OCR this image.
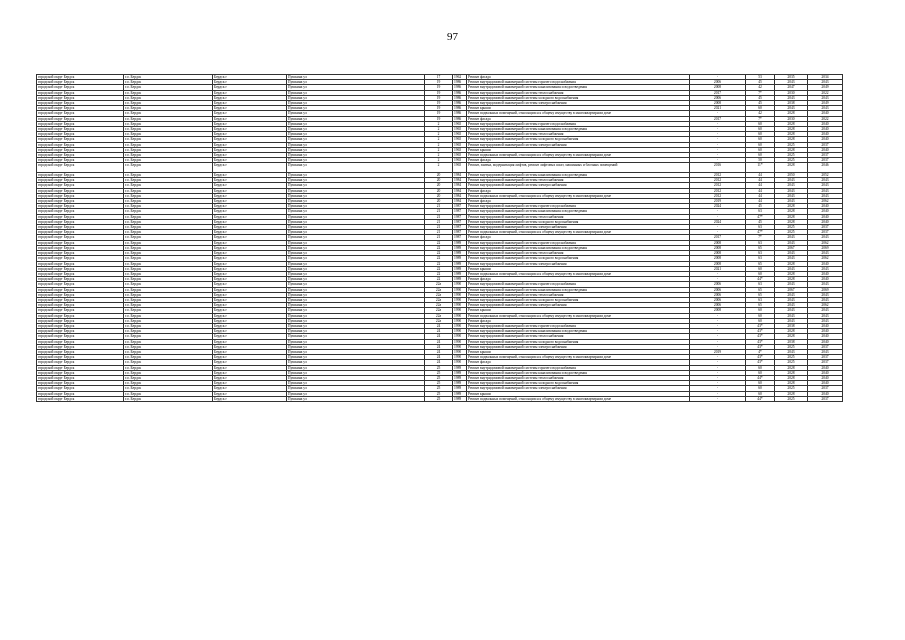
97
городской округ Бердск	г.о. Бердск	Бердск г	Пушкина ул	17	1962	Ремонт фасада	-	53	2035	2034
городской округ Бердск	г.о. Бердск	Бердск г	Пушкина ул	19	1986	Ремонт внутридомовой инженерной системы горячего водоснабжения	2006	45	2043	2043
городской округ Бердск	г.о. Бердск	Бердск г	Пушкина ул	19	1986	Ремонт внутридомовой инженерной системы канализования и водоотведения	2008	42	2047	2049
городской округ Бердск	г.о. Бердск	Бердск г	Пушкина ул	19	1986	Ремонт внутридомовой инженерной системы теплоснабжения	2017	7*	2030	2022
городской округ Бердск	г.о. Бердск	Бердск г	Пушкина ул	19	1986	Ремонт внутридомовой инженерной системы холодного водоснабжения	2006	45	2043	2043
городской округ Бердск	г.о. Бердск	Бердск г	Пушкина ул	19	1986	Ремонт внутридомовой инженерной системы электроснабжения	2008	45	2038	2049
городской округ Бердск	г.о. Бердск	Бердск г	Пушкина ул	19	1986	Ремонт крыши	2021	60	2043	2043
городской округ Бердск	г.о. Бердск	Бердск г	Пушкина ул	19	1986	Ремонт подвальных помещений, относящихся к общему имуществу в многоквартирном доме	-	42	2028	2040
городской округ Бердск	г.о. Бердск	Бердск г	Пушкина ул	19	1986	Ремонт фасада	2017	7*	2030	2022
городской округ Бердск	г.о. Бердск	Бердск г	Пушкина ул	2	1965	Ремонт внутридомовой инженерной системы горячего водоснабжения	-	60	2028	2040
городской округ Бердск	г.о. Бердск	Бердск г	Пушкина ул	2	1965	Ремонт внутридомовой инженерной системы канализования и водоотведения	-	60	2028	2040
городской округ Бердск	г.о. Бердск	Бердск г	Пушкина ул	2	1965	Ремонт внутридомовой инженерной системы теплоснабжения	-	60	2028	2040
городской округ Бердск	г.о. Бердск	Бердск г	Пушкина ул	2	1965	Ремонт внутридомовой инженерной системы холодного водоснабжения	-	60	2028	2040
городской округ Бердск	г.о. Бердск	Бердск г	Пушкина ул	2	1965	Ремонт внутридомовой инженерной системы электроснабжения	-	60	2025	2037
городской округ Бердск	г.о. Бердск	Бердск г	Пушкина ул	2	1965	Ремонт крыши	-	60	2028	2040
городской округ Бердск	г.о. Бердск	Бердск г	Пушкина ул	2	1965	Ремонт подвальных помещений, относящихся к общему имуществу в многоквартирном доме	-	60	2025	2037
городской округ Бердск	г.о. Бердск	Бердск г	Пушкина ул	2	1965	Ремонт фасада	-	50	2025	2037
городской округ Бердск	г.о. Бердск	Бердск г	Пушкина ул	2	1965	Ремонт, замена, модернизация лифтов, ремонт лифтовых шахт, машинных и блочных помещений	2016	11*	2028	2046
городской округ Бердск	г.о. Бердск	Бердск г	Пушкина ул	20	1984	Ремонт внутридомовой инженерной системы канализования и водоотведения	2012	44	2050	2052
городской округ Бердск	г.о. Бердск	Бердск г	Пушкина ул	20	1984	Ремонт внутридомовой инженерной системы теплоснабжения	2012	44	2043	2043
городской округ Бердск	г.о. Бердск	Бердск г	Пушкина ул	20	1984	Ремонт внутридомовой инженерной системы электроснабжения	2012	44	2043	2043
городской округ Бердск	г.о. Бердск	Бердск г	Пушкина ул	20	1984	Ремонт фасада	2012	44	2043	2043
городской округ Бердск	г.о. Бердск	Бердск г	Пушкина ул	20	1984	Ремонт подвальных помещений, относящихся к общему имуществу в многоквартирном доме	2012	44	2043	2043
городской округ Бердск	г.о. Бердск	Бердск г	Пушкина ул	20	1984	Ремонт фасада	2019	44	2043	2062
городской округ Бердск	г.о. Бердск	Бердск г	Пушкина ул	21	1987	Ремонт внутридомовой инженерной системы горячего водоснабжения	2024	45	2028	2040
городской округ Бердск	г.о. Бердск	Бердск г	Пушкина ул	21	1987	Ремонт внутридомовой инженерной системы канализования и водоотведения	-	63	2028	2040
городской округ Бердск	г.о. Бердск	Бердск г	Пушкина ул	21	1987	Ремонт внутридомовой инженерной системы теплоснабжения	-	47*	2028	2040
городской округ Бердск	г.о. Бердск	Бердск г	Пушкина ул	21	1987	Ремонт внутридомовой инженерной системы холодного водоснабжения	2024	45	2028	2040
городской округ Бердск	г.о. Бердск	Бердск г	Пушкина ул	21	1987	Ремонт внутридомовой инженерной системы электроснабжения	-	63	2025	2037
городской округ Бердск	г.о. Бердск	Бердск г	Пушкина ул	21	1987	Ремонт подвальных помещений, относящихся к общему имуществу в многоквартирном доме	-	47*	2025	2037
городской округ Бердск	г.о. Бердск	Бердск г	Пушкина ул	21	1987	Ремонт фасада	2017	7*	2043	2043
городской округ Бердск	г.о. Бердск	Бердск г	Пушкина ул	22	1989	Ремонт внутридомовой инженерной системы горячего водоснабжения	2008	63	2043	2062
городской округ Бердск	г.о. Бердск	Бердск г	Пушкина ул	22	1989	Ремонт внутридомовой инженерной системы канализования и водоотведения	2008	65	2067	2069
городской округ Бердск	г.о. Бердск	Бердск г	Пушкина ул	22	1989	Ремонт внутридомовой инженерной системы теплоснабжения	2008	63	2043	2043
городской округ Бердск	г.о. Бердск	Бердск г	Пушкина ул	22	1989	Ремонт внутридомовой инженерной системы холодного водоснабжения	2008	63	2043	2062
городской округ Бердск	г.о. Бердск	Бердск г	Пушкина ул	22	1989	Ремонт внутридомовой инженерной системы электроснабжения	2008	65	2028	2040
городской округ Бердск	г.о. Бердск	Бердск г	Пушкина ул	22	1989	Ремонт крыши	2021	60	2043	2043
городской округ Бердск	г.о. Бердск	Бердск г	Пушкина ул	22	1989	Ремонт подвальных помещений, относящихся к общему имуществу в многоквартирном доме	-	60	2028	2040
городской округ Бердск	г.о. Бердск	Бердск г	Пушкина ул	22	1989	Ремонт фасада	-	44*	2028	2040
городской округ Бердск	г.о. Бердск	Бердск г	Пушкина ул	22а	1990	Ремонт внутридомовой инженерной системы горячего водоснабжения	2006	63	2043	2043
городской округ Бердск	г.о. Бердск	Бердск г	Пушкина ул	22а	1990	Ремонт внутридомовой инженерной системы канализования и водоотведения	2006	65	2067	2069
городской округ Бердск	г.о. Бердск	Бердск г	Пушкина ул	22а	1990	Ремонт внутридомовой инженерной системы теплоснабжения	2006	65	2043	2043
городской округ Бердск	г.о. Бердск	Бердск г	Пушкина ул	22а	1990	Ремонт внутридомовой инженерной системы холодного водоснабжения	2006	63	2043	2043
городской округ Бердск	г.о. Бердск	Бердск г	Пушкина ул	22а	1990	Ремонт внутридомовой инженерной системы электроснабжения	2006	65	2043	2062
городской округ Бердск	г.о. Бердск	Бердск г	Пушкина ул	22а	1990	Ремонт крыши	2008	60	2043	2043
городской округ Бердск	г.о. Бердск	Бердск г	Пушкина ул	22а	1990	Ремонт подвальных помещений, относящихся к общему имуществу в многоквартирном доме	-	60	2043	2043
городской округ Бердск	г.о. Бердск	Бердск г	Пушкина ул	22а	1990	Ремонт фасада	-	60	2043	2043
городской округ Бердск	г.о. Бердск	Бердск г	Пушкина ул	24	1990	Ремонт внутридомовой инженерной системы горячего водоснабжения	-	43*	2038	2040
городской округ Бердск	г.о. Бердск	Бердск г	Пушкина ул	24	1990	Ремонт внутридомовой инженерной системы канализования и водоотведения	-	43*	2028	2040
городской округ Бердск	г.о. Бердск	Бердск г	Пушкина ул	24	1990	Ремонт внутридомовой инженерной системы теплоснабжения	-	43*	2028	2040
городской округ Бердск	г.о. Бердск	Бердск г	Пушкина ул	24	1990	Ремонт внутридомовой инженерной системы холодного водоснабжения	-	43*	2038	2040
городской округ Бердск	г.о. Бердск	Бердск г	Пушкина ул	24	1990	Ремонт внутридомовой инженерной системы электроснабжения	-	43*	2025	2037
городской округ Бердск	г.о. Бердск	Бердск г	Пушкина ул	24	1990	Ремонт крыши	2019	4*	2043	2043
городской округ Бердск	г.о. Бердск	Бердск г	Пушкина ул	24	1990	Ремонт подвальных помещений, относящихся к общему имуществу в многоквартирном доме	-	43*	2025	2037
городской округ Бердск	г.о. Бердск	Бердск г	Пушкина ул	24	1990	Ремонт фасада	-	43*	2025	2037
городской округ Бердск	г.о. Бердск	Бердск г	Пушкина ул	25	1989	Ремонт внутридомовой инженерной системы горячего водоснабжения	-	60	2028	2040
городской округ Бердск	г.о. Бердск	Бердск г	Пушкина ул	25	1989	Ремонт внутридомовой инженерной системы канализования и водоотведения	-	60	2028	2040
городской округ Бердск	г.о. Бердск	Бердск г	Пушкина ул	25	1989	Ремонт внутридомовой инженерной системы теплоснабжения	-	44*	2028	2040
городской округ Бердск	г.о. Бердск	Бердск г	Пушкина ул	25	1989	Ремонт внутридомовой инженерной системы холодного водоснабжения	-	60	2028	2040
городской округ Бердск	г.о. Бердск	Бердск г	Пушкина ул	25	1989	Ремонт внутридомовой инженерной системы электроснабжения	-	60	2025	2037
городской округ Бердск	г.о. Бердск	Бердск г	Пушкина ул	25	1989	Ремонт крыши	-	60	2028	2040
городской округ Бердск	г.о. Бердск	Бердск г	Пушкина ул	25	1989	Ремонт подвальных помещений, относящихся к общему имуществу в многоквартирном доме	-	44*	2025	2037
